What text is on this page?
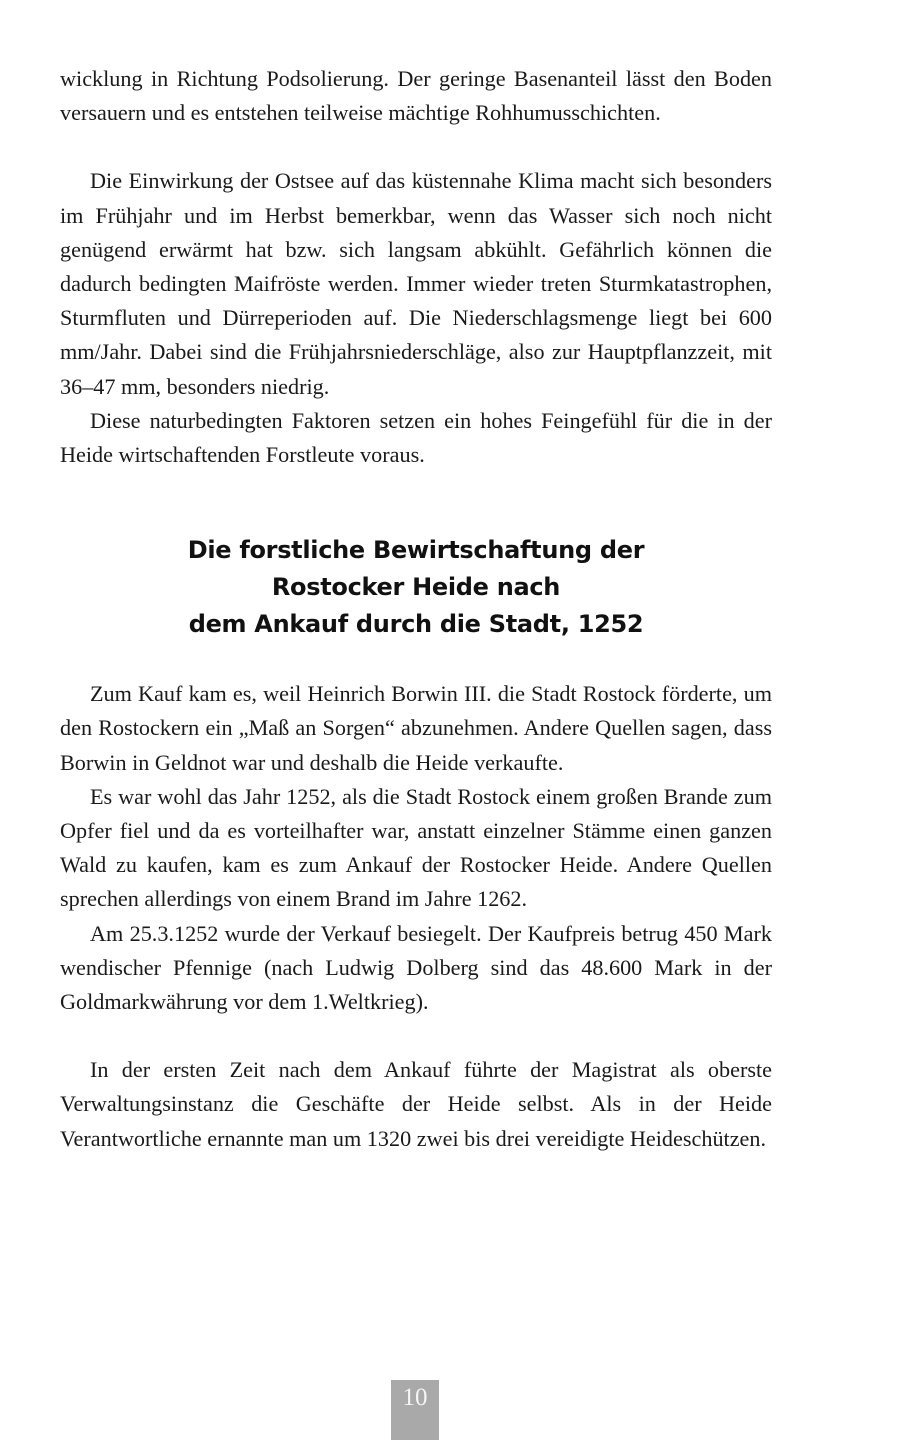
wicklung in Richtung Podsolierung. Der geringe Basenanteil lässt den Boden versauern und es entstehen teilweise mächtige Rohhumusschichten.

Die Einwirkung der Ostsee auf das küstennahe Klima macht sich besonders im Frühjahr und im Herbst bemerkbar, wenn das Wasser sich noch nicht genügend erwärmt hat bzw. sich langsam abkühlt. Gefährlich können die dadurch bedingten Maifröste werden. Immer wieder treten Sturmkatastrophen, Sturmfluten und Dürreperioden auf. Die Niederschlagsmenge liegt bei 600 mm/Jahr. Dabei sind die Frühjahrsniederschläge, also zur Hauptpflanzzeit, mit 36–47 mm, besonders niedrig.

Diese naturbedingten Faktoren setzen ein hohes Feingefühl für die in der Heide wirtschaftenden Forstleute voraus.

Die forstliche Bewirtschaftung der
Rostocker Heide nach
dem Ankauf durch die Stadt, 1252

Zum Kauf kam es, weil Heinrich Borwin III. die Stadt Rostock förderte, um den Rostockern ein „Maß an Sorgen“ abzunehmen. Andere Quellen sagen, dass Borwin in Geldnot war und deshalb die Heide verkaufte.

Es war wohl das Jahr 1252, als die Stadt Rostock einem großen Brande zum Opfer fiel und da es vorteilhafter war, anstatt einzelner Stämme einen ganzen Wald zu kaufen, kam es zum Ankauf der Rostocker Heide. Andere Quellen sprechen allerdings von einem Brand im Jahre 1262.

Am 25.3.1252 wurde der Verkauf besiegelt. Der Kaufpreis betrug 450 Mark wendischer Pfennige (nach Ludwig Dolberg sind das 48.600 Mark in der Goldmarkwährung vor dem 1.Weltkrieg).

In der ersten Zeit nach dem Ankauf führte der Magistrat als oberste Verwaltungsinstanz die Geschäfte der Heide selbst. Als in der Heide Verantwortliche ernannte man um 1320 zwei bis drei vereidigte Heideschützen.

10
